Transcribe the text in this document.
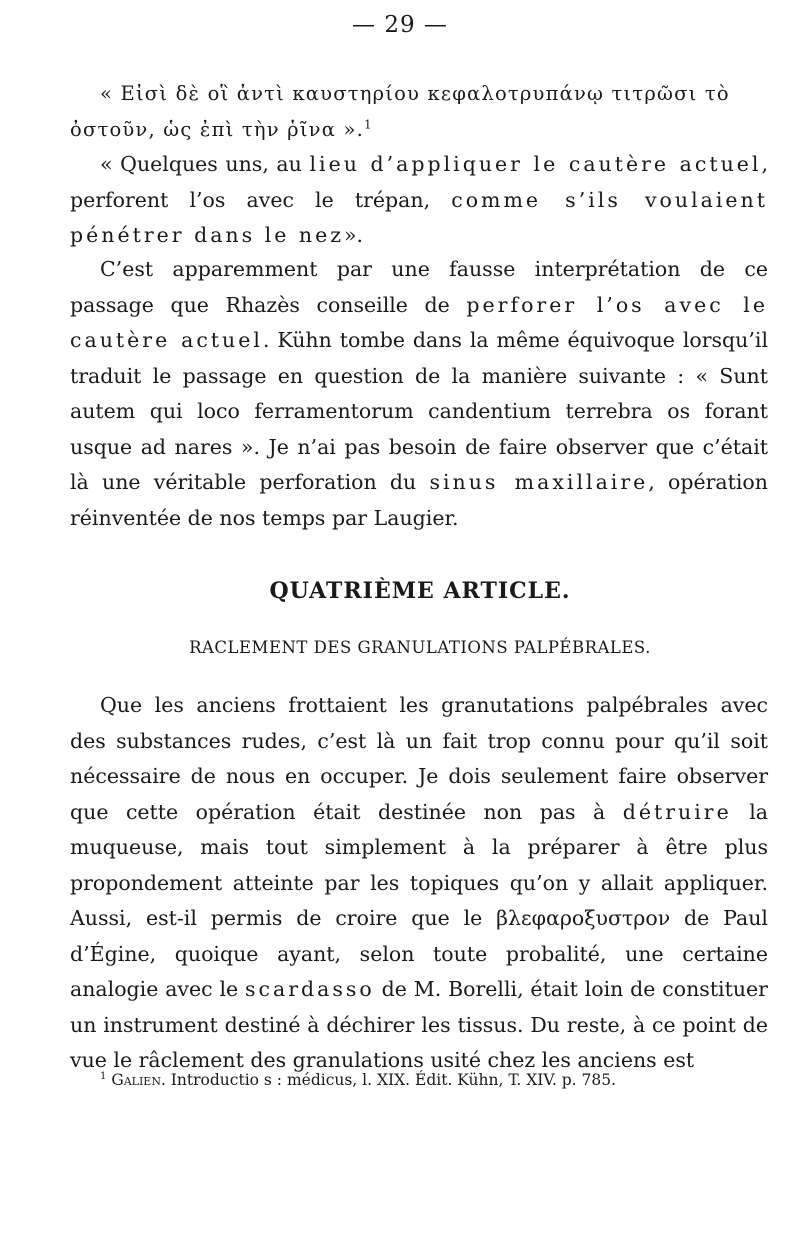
— 29 —
« Εἰσὶ δὲ οἳ ἀντὶ καυστηρίου κεφαλοτρυπάνῳ τιτρῶσι τὸ ὀστοῦν, ὡς ἐπὶ τὴν ῥῖνα ».$^1$
« Quelques uns, au lieu d’appliquer le cautère actuel, perforent l’os avec le trépan, comme s’ils voulaient pénétrer dans le nez».
C’est apparemment par une fausse interprétation de ce passage que Rhazès conseille de perforer l’os avec le cautère actuel. Kühn tombe dans la même équivoque lorsqu’il traduit le passage en question de la manière suivante : « Sunt autem qui loco ferramentorum candentium terrebra os forant usque ad nares ». Je n’ai pas besoin de faire observer que c’était là une véritable perforation du sinus maxillaire, opération réinventée de nos temps par Laugier.
QUATRIÈME ARTICLE.
RACLEMENT DES GRANULATIONS PALPÉBRALES.
Que les anciens frottaient les granutations palpébrales avec des substances rudes, c’est là un fait trop connu pour qu’il soit nécessaire de nous en occuper. Je dois seulement faire observer que cette opération était destinée non pas à détruire la muqueuse, mais tout simplement à la préparer à être plus propondement atteinte par les topiques qu’on y allait appliquer. Aussi, est-il permis de croire que le βλεφαροξυστρον de Paul d’Égine, quoique ayant, selon toute probalité, une certaine analogie avec le scardasso de M. Borelli, était loin de constituer un instrument destiné à déchirer les tissus. Du reste, à ce point de vue le râclement des granulations usité chez les anciens est
$^1$ Galien. Introductio s : médicus, l. XIX. Édit. Kühn, T. XIV. p. 785.
